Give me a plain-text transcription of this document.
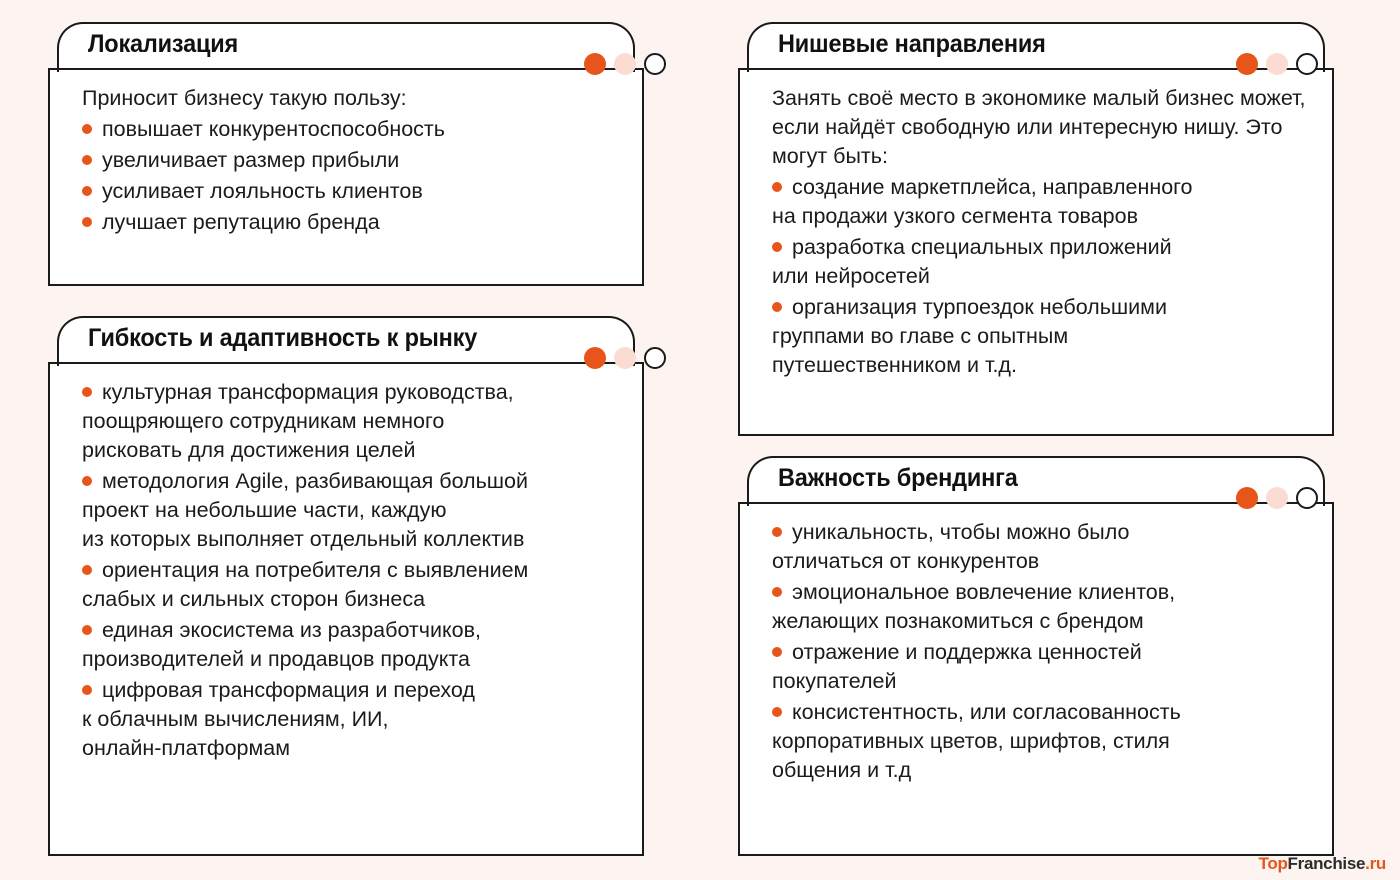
Локализация

Приносит бизнесу такую пользу:

повышает конкурентоспособность
увеличивает размер прибыли
усиливает лояльность клиентов
лучшает репутацию бренда
Гибкость и адаптивность к рынку
культурная трансформация руководства,
поощряющего сотрудникам немного
рисковать для достижения целей
методология Agile, разбивающая большой
проект на небольшие части, каждую
из которых выполняет отдельный коллектив
ориентация на потребителя с выявлением
слабых и сильных сторон бизнеса
единая экосистема из разработчиков,
производителей и продавцов продукта
цифровая трансформация и переход
к облачным вычислениям, ИИ,
онлайн-платформам
Нишевые направления

Занять своё место в экономике малый бизнес может, если найдёт свободную или интересную нишу. Это могут быть:

создание маркетплейса, направленного
на продажи узкого сегмента товаров
разработка специальных приложений
или нейросетей
организация турпоездок небольшими
группами во главе с опытным
путешественником и т.д.
Важность брендинга
уникальность, чтобы можно было
отличаться от конкурентов
эмоциональное вовлечение клиентов,
желающих познакомиться с брендом
отражение и поддержка ценностей
покупателей
консистентность, или согласованность
корпоративных цветов, шрифтов, стиля
общения и т.д
TopFranchise.ru
